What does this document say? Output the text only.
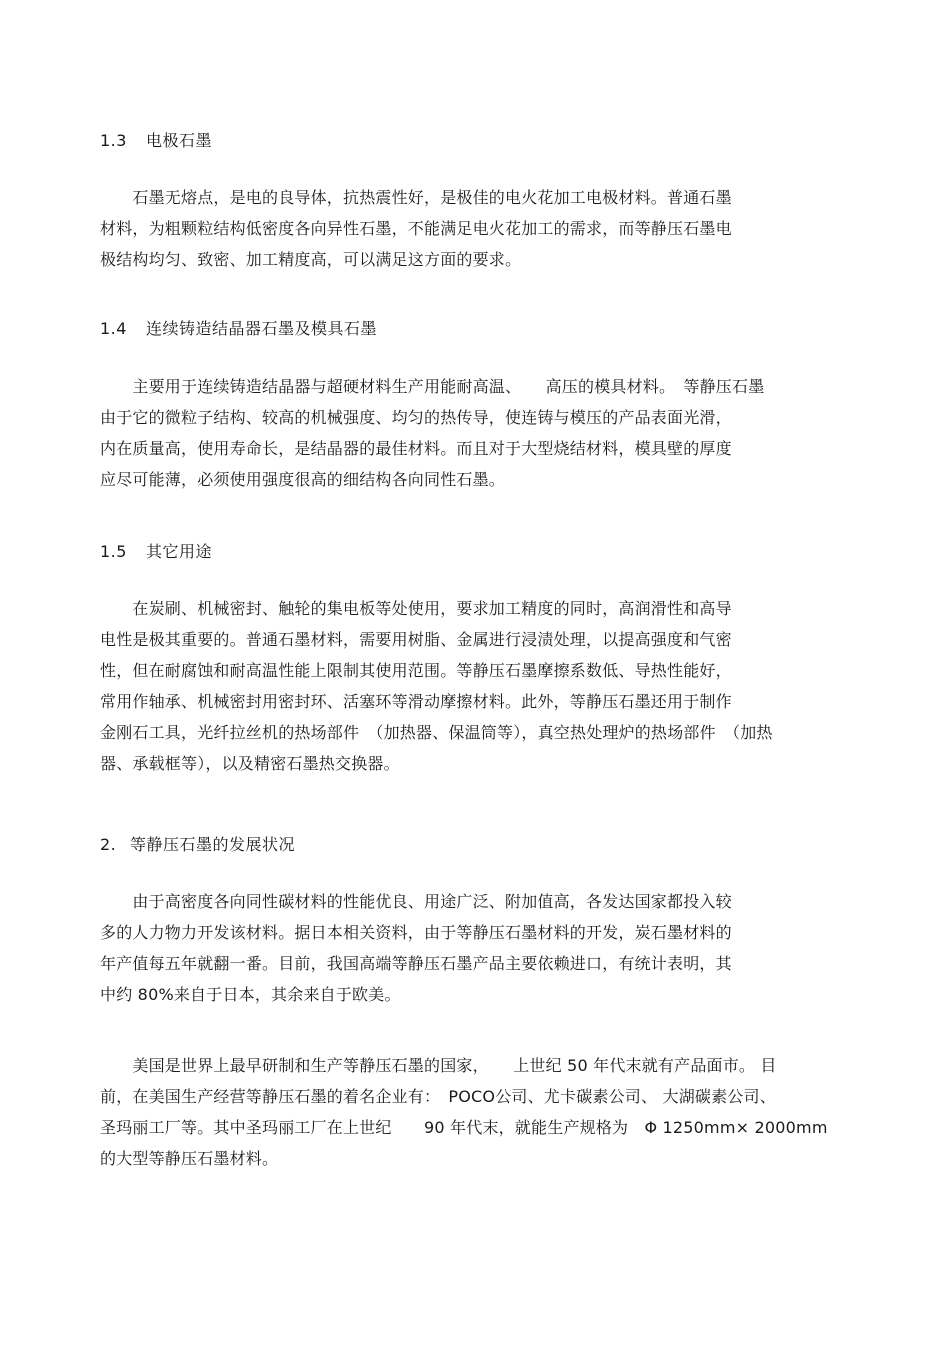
1.3 电极石墨
　　石墨无熔点，是电的良导体，抗热震性好，是极佳的电火花加工电极材料。普通石墨
材料，为粗颗粒结构低密度各向异性石墨，不能满足电火花加工的需求，而等静压石墨电
极结构均匀、致密、加工精度高，可以满足这方面的要求。
1.4 连续铸造结晶器石墨及模具石墨
　　主要用于连续铸造结晶器与超硬材料生产用能耐高温、　　高压的模具材料。　等静压石墨
由于它的微粒子结构、较高的机械强度、均匀的热传导，使连铸与模压的产品表面光滑，
内在质量高，使用寿命长，是结晶器的最佳材料。而且对于大型烧结材料，模具壁的厚度
应尽可能薄，必须使用强度很高的细结构各向同性石墨。
1.5 其它用途
　　在炭刷、机械密封、触轮的集电板等处使用，要求加工精度的同时，高润滑性和高导
电性是极其重要的。普通石墨材料，需要用树脂、金属进行浸渍处理，以提高强度和气密
性，但在耐腐蚀和耐高温性能上限制其使用范围。等静压石墨摩擦系数低、导热性能好，
常用作轴承、机械密封用密封环、活塞环等滑动摩擦材料。此外，等静压石墨还用于制作
金刚石工具，光纤拉丝机的热场部件　（加热器、保温筒等），真空热处理炉的热场部件　（加热
器、承载框等），以及精密石墨热交换器。
2. 等静压石墨的发展状况
　　由于高密度各向同性碳材料的性能优良、用途广泛、附加值高，各发达国家都投入较
多的人力物力开发该材料。据日本相关资料，由于等静压石墨材料的开发，炭石墨材料的
年产值每五年就翻一番。目前，我国高端等静压石墨产品主要依赖进口，有统计表明，其
中约 80%来自于日本，其余来自于欧美。
　　美国是世界上最早研制和生产等静压石墨的国家，　　上世纪 50 年代末就有产品面市。 目
前，在美国生产经营等静压石墨的着名企业有：　POCO公司、尤卡碳素公司、 大湖碳素公司、
圣玛丽工厂等。其中圣玛丽工厂在上世纪　　90 年代末，就能生产规格为　Φ 1250mm× 2000mm
的大型等静压石墨材料。
